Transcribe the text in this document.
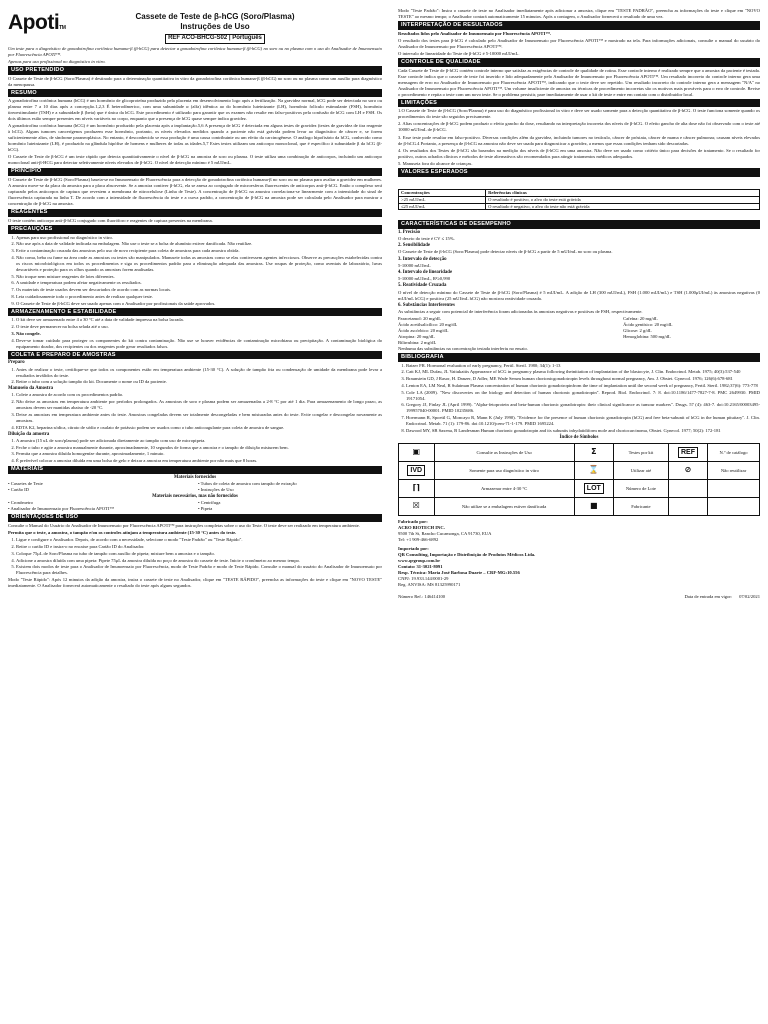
ApotiTM
Cassete de Teste de β-hCG (Soro/Plasma)
Instruções de Uso
REF ACO-BHCG-S02 | Português

Um teste para o diagnóstico de gonadotrofina coriônica humana-β (β-hCG) para detectar a gonadotrofina coriônica humana-β (β-hCG) no soro ou no plasma com o uso do Analisador de Imunoensaio por Fluorescência APOTI™.

Apenas para uso profissional no diagnóstico in vitro.

USO PRETENDIDO

O Cassete de Teste de β-hCG (Soro/Plasma) é destinado para a determinação quantitativa in vitro da gonadotrofina coriônica humana-β (β-hCG) no soro ou no plasma como um auxílio para diagnóstico da menopausa.

RESUMO

A gonadotrofina coriônica humana (hCG) é um hormônio de glicoproteína produzido pela placenta em desenvolvimento logo após a fertilização. Na gravidez normal, hCG pode ser detectada no soro ou plasma entre 7 a 10 dias após a concepção.1,2,3 É heterodímerico, com uma subunidade α (alfa) idêntica ao do hormônio luteinizante (LH), hormônio folículo estimulante (FSH), hormônio tireoestimulante (TSH) e a subunidade β (beta) que é única da hCG. Este procedimento é utilizado para garantir que os exames não resulte em falso-positivos pela confusão de hCG com LH e FSH. Os dois últimos estão sempre presentes em níveis variáveis no corpo, enquanto que a presença de hCG quase sempre indica gravidez.

A gonadotrofina coriônica humana (hCG) é um hormônio produzido pela placenta após a implantação.5,6 A presença de hCG é detectada em alguns testes de gravidez (testes de gravidez de tira reagente à hCG). Alguns tumores cancerígenos produzem esse hormônio, portanto, os níveis elevados medidos quando a paciente não está grávida podem levar ao diagnóstico de câncer e, se forem suficientemente altos, de síndrome paraneoplásica. No entanto, é desconhecido se essa produção é uma causa contribuinte ou um efeito da carcinogênese. O análogo hipofisário da hCG, conhecido como hormônio luteinizante (LH), é produzido na glândula hipófise de homens e mulheres de todas as idades.5,7 Estes testes utilizam um anticorpo monoclonal, que é específico à subunidade β da hCG (β-hCG).

O Cassete de Teste de β-hCG é um teste rápido que detecta quantitativamente o nível de β-hCG na amostra de soro ou plasma. O teste utiliza uma combinação de anticorpos, incluindo um anticorpo monoclonal anti-β-HCG para detectar seletivamente níveis elevados de β-hCG. O nível de detecção mínimo é 5 mUI/mL.

PRINCÍPIO

O Cassete de Teste de β-hCG (Soro/Plasma) baseia-se no Imunoensaio de Fluorescência para a detecção de gonadotrofina coriônica humana-β no soro ou no plasma para avaliar a gravidez em mulheres. A amostra move-se da placa da amostra para a placa absorvente. Se a amostra contiver β-hCG, ela se anexa ao conjugado de microesferas fluorescentes de anticorpos anti-β-hCG. Então o complexo será capturado pelos anticorpos de captura que revestem a membrana de nitrocelulose (Linha de Teste). A concentração de β-hCG na amostra correlaciona-se linearmente com a intensidade do sinal de fluorescência capturada na linha T. De acordo com a intensidade de fluorescência do teste e a curva padrão, a concentração de β-hCG na amostra pode ser calculada pelo Analisador para mostrar a concentração de β-hCG na amostra.

REAGENTES

O teste contém anticorpo anti-β-hCG conjugado com fluoróforo e reagentes de captura presentes na membrana.

PRECAUÇÕES
1. Apenas para uso profissional no diagnóstico in vitro.
2. Não use após a data de validade indicada na embalagem. Não use o teste se a bolsa de alumínio estiver danificada. Não reutilize.
3. Evite a contaminação cruzada das amostras pelo uso de novo recipiente para coleta de amostras para cada amostra obtida.
4. Não coma, beba ou fume na área onde as amostras ou testes são manipulados. Manuseie todas as amostras como se elas contivessem agentes infecciosos. Observe as precauções estabelecidas contra os riscos microbiológicos em todos os procedimentos e siga os procedimentos padrão para a eliminação adequada das amostras. Use roupas de proteção, como aventais de laboratório, luvas descartáveis e proteção para os olhos quando as amostras forem analisadas.
5. Não troque nem misture reagentes de lotes diferentes.
6. A umidade e temperatura podem afetar negativamente os resultados.
7. Os materiais de teste usados devem ser descartados de acordo com as normas locais.
8. Leia cuidadosamente todo o procedimento antes de realizar qualquer teste.
9. O Cassete de Teste de β-hCG deve ser usado apenas com o Analisador por profissionais da saúde aprovados.
ARMAZENAMENTO E ESTABILIDADE
1. O kit deve ser armazenado entre 4 a 30 °C até a data de validade impressa na bolsa lacrada.
2. O teste deve permanecer na bolsa selada até o uso.
3. Não congele.
4. Deve-se tomar cuidado para proteger os componentes do kit contra contaminação. Não use se houver evidências de contaminação microbiana ou precipitação. A contaminação biológica do equipamento doador, dos recipientes ou dos reagentes pode gerar resultados falsos.
COLETA E PREPARO DE AMOSTRAS
Preparo
1. Antes de realizar o teste, certifique-se que todos os componentes estão em temperatura ambiente (15-30 °C). A solução de tampão fria ou condensação de umidade da membrana pode levar a resultados inválidos do teste.
2. Retire o tubo com a solução tampão do kit. Documente o nome ou ID da paciente.
Manuseio da Amostra
1. Colete a amostra de acordo com os procedimentos padrão.
2. Não deixe as amostras em temperatura ambiente por períodos prolongados. As amostras de soro e plasma podem ser armazenadas a 2-8 °C por até 1 dia. Para armazenamento de longo prazo, as amostras devem ser mantidas abaixo de -20 °C.
3. Deixe as amostras em temperatura ambiente antes do teste. Amostras congeladas devem ser totalmente descongeladas e bem misturadas antes do teste. Evite congelar e descongelar novamente as amostras.
4. EDTA K2, heparina sódica, citrato de sódio e oxalato de potássio podem ser usados como o tubo anticoagulante para coleta de amostra de sangue.
Diluição da amostra
1. A amostra (15 uL de soro/plasma) pode ser adicionada diretamente ao tampão com uso de micropipeta.
2. Feche o tubo e agite a amostra manualmente durante, aproximadamente, 10 segundos de forma que a amostra e o tampão de diluição misturem bem.
3. Permita que a amostra diluída homogeníze durante, aproximadamente, 1 minuto.
4. É preferível colocar a amostra diluída em uma bolsa de gelo e deixar a amostra em temperatura ambiente por não mais que 8 horas.
MATERIAIS
Materiais fornecidos
• Cassetes de Teste	• Tubos de coleta de amostra com tampão de extração
• Cartão ID	• Instruções de Uso
Materiais necessários, mas não fornecidos
• Cronômetro	• Centrífuga
• Analisador de Imunoensaio por Fluorescência APOTI™	• Pipeta
ORIENTAÇÕES DE USO

Consulte o Manual do Usuário do Analisador de Imunoensaio por Fluorescência APOTI™ para instruções completas sobre o uso do Teste. O teste deve ser realizado em temperatura ambiente.

Permita que o teste, a amostra, o tampão e/ou os controles atinjam a temperatura ambiente (15-30 °C) antes do teste.

1. Ligue e configure o Analisador. Depois, de acordo com a necessidade, selecione o modo "Teste Padrão" ou "Teste Rápido".
2. Retire o cartão ID e insira-o no encaixe para Cartão ID do Analisador.
3. Coloque 75μL de Soro/Plasma no tubo de tampão com auxílio de pipeta; misture bem a amostra e o tampão.
4. Adicione a amostra diluída com uma pipeta: Pipete 75μL da amostra diluída no poço de amostra do cassete de teste. Inicie o cronômetro ao mesmo tempo.
5. Existem dois modos de teste para o Analisador de Imunoensaio por Fluorescência, modo de Teste Padrão e modo de Teste Rápido. Consulte o manual do usuário do Analisador de Imunoensaio por Fluorescência para detalhes.

Modo "Teste Rápido": Após 12 minutos da adição da amostra, insira o cassete de teste no Analisador, clique em "TESTE RÁPIDO", preencha as informações do teste e clique em "NOVO TESTE" imediatamente. O Analisador fornecerá automaticamente o resultado do teste após alguns segundos.

Modo "Teste Padrão": Insira o cassete de teste no Analisador imediatamente após adicionar a amostra, clique em "TESTE PADRÃO", preencha as informações do teste e clique em "NOVO TESTE" ao mesmo tempo; o Analisador contará automaticamente 15 minutos. Após a contagem, o Analisador fornecerá o resultado de uma vez.

INTERPRETAÇÃO DE RESULTADOS

Resultados lidos pelo Analisador de Imunoensaio por Fluorescência APOTI™.

O resultado dos testes para β-hCG é calculado pelo Analisador de Imunoensaio por Fluorescência APOTI™ e mostrado na tela. Para informações adicionais, consulte o manual do usuário do Analisador de Imunoensaio por Fluorescência APOTI™.

O intervalo de linearidade do Teste de β-hCG é 5-10000 mUI/mL.

CONTROLE DE QUALIDADE

Cada Cassete de Teste de β-hCG contém controle interno que satisfaz as exigências de controle de qualidade de rotina. Esse controle interno é realizado sempre que a amostra da paciente é testada. Esse controle indica que o cassete de teste foi inserido e lido adequadamente pelo Analisador de Imunoensaio por Fluorescência APOTI™. Um resultado incorreto do controle interno gera uma mensagem de erro no Analisador de Imunoensaio por Fluorescência APOTI™, indicando que o teste deve ser repetido. Um resultado incorreto do controle interno gera a mensagem "N/A" no Analisador de Imunoensaio por Fluorescência APOTI™. Um volume insuficiente de amostra ou técnicas de procedimento incorretas são os motivos mais prováveis para o erro de controle. Revise o procedimento e repita o teste com um novo teste. Se o problema persistir, pare imediatamente de usar o kit de teste e entre em contato com o distribuidor local.

LIMITAÇÕES

1.O Cassete de Teste de β-hCG (Soro/Plasma) é para uso do diagnóstico profissional in vitro e deve ser usado somente para a detecção quantitativa de β-hCG. O teste funciona somente quando os procedimentos do teste são seguidos precisamente.

2. Altas concentrações de β-hCG podem produzir o efeito gancho da dose, resultando na interpretação incorreta dos níveis de β-hCG. O efeito gancho de alta dose não foi observado com o teste até 10000 mUI/mL de β-hCG.

3. Esse teste pode resultar em falso-positivo. Diversas condições além da gravidez, incluindo tumores no testículo, câncer de próstata, câncer de mama e câncer pulmonar, causam níveis elevados de β-hCG.4 Portanto, a presença de β-hCG na amostra não deve ser usada para diagnosticar a gravidez, a menos que essas condições tenham sido descartadas.

4. Os resultados dos Testes de β-hCG são baseados na medição dos níveis de β-hCG em uma amostra. Não deve ser usado como critério único para decisões de tratamento. Se o resultado for positivo, outros achados clínicos e métodos de teste alternativos são recomendados para atingir tratamentos médicos adequados.

5. Manuseia fora do alcance de crianças.

VALORES ESPERADOS
Concentrações	Referências clínicas
>25 mUI/mL	O resultado é positivo, o alvo do teste está grávida
≤25 mUI/mL	O resultado é negativo, o alvo do teste não está grávida
CARACTERÍSTICAS DE DESEMPENHO
1. Precisão

O desvio do teste é CV ≤ 15%.

2. Sensibilidade

O Cassete de Teste de β-hCG (Soro/Plasma) pode detectar níveis de β-hCG a partir de 5 mUI/mL no soro ou plasma.

3. Intervalo de detecção

5-10000 mUI/mL

4. Intervalo de linearidade

5-10000 mUI/mL, R²≥0,990

5. Reatividade Cruzada

O nível de detecção mínimo do Cassete de Teste de β-hCG (Soro/Plasma) é 5 mUI/mL. A adição de LH (300 mUI/mL), FSH (1.000 mUI/mL) e TSH (1.000μUI/mL) às amostras negativas (0 mUI/mL hCG) e positiva (25 mUI/mL hCG) não mostrou reatividade cruzada.

6. Substâncias Interferentes

As substâncias a seguir com potencial de interferência foram adicionadas às amostras negativas e positivas de FSH, respectivamente.

Paracetamol: 20 mg/dL	Cafeína: 20 mg/dL
Ácido acetilsalicílico: 20 mg/dL	Ácido gentísico: 20 mg/dL
Ácido ascórbico: 20 mg/dL	Glicose: 2 g/dL
Atropina: 20 mg/dL	Hemoglobina: 500 mg/dL
Bilirrubina: 2 mg/dL

Nenhuma das substâncias na concentração testada interferiu no ensaio.

BIBLIOGRAFIA
1. Batzer FR. Hormonal evaluation of early pregnancy, Fertil. Steril. 1980; 34(1): 1-13
2. Catt KJ, ML Dufau, JL Vaitukaitis Appearance of hCG in pregnancy plasma following theinitiation of implantation of the blastocyte, J. Clin. Endocrinol. Metab. 1975; 40(3):537-540
3. Braunstein GD, J Rasor, H. Danzer, D Adler, ME Wade Serum human chorionicgonadotropin levels throughout normal pregnancy, Am. J. Obstet. Gynecol. 1976; 126(6):678-681
4. Lenton EA, LM Neal, R Sulaiman Plasma concentration of human chorionic gonadotropinfrom the time of implantation until the second week of pregnancy, Fertil. Steril. 1982;37(6): 773-778
5. Cole LA (2009). "New discoveries on the biology and detection of human chorionic gonadotropin". Reprod. Biol. Endocrinol. 7: 8. doi:10.1186/1477-7827-7-8. PMC 2649930. PMID 19171054.
6. Gregory JJ, Finlay JL (April 1999). "Alpha-fetoprotein and beta-human chorionic gonadotropin: their clinical significance as tumour markers". Drugs. 57 (4): 463-7. doi:10.2165/00003495-199957040-00001. PMID 10235686.
7. Hoermann R, Spoettl G, Moncayo R, Mann K (July 1990). "Evidence for the presence of human chorionic gonadotropin (hCG) and free beta-subunit of hCG in the human pituitary". J. Clin. Endocrinol. Metab. 71 (1): 179-86. doi:10.1210/jcem-71-1-179. PMID 1695224.
8. Dawood MY, SB Saxena, B Landesman Human chorionic gonadotropin and its subunits inhydatidiform mole and choriocarcinoma, Obstet. Gynecol. 1977; 50(2): 172-181
Índice de Símbolos
▣	Consulte as Instruções de Uso	Σ	Testes por kit	REF	N.º de catálogo
IVD	Somente para uso diagnóstico in vitro	⌛	Utilizar até	⊘	Não reutilizar
⌈⌉	Armazenar entre 4-30 °C	LOT	Número de Lote		
☒	Não utilize se a embalagem estiver danificada	■	Fabricante		
Fabricado por:
ACRO BIOTECH INC.
9500 7th St, Rancho Cucamonga, CA 91730, EUA
Tel: +1 909-466-6892
Importado por:
QR Consulting, Importação e Distribuição de Produtos Médicos Ltda.
www.qrgroup.com.br
Contato: 31-3021-8091
Resp. Técnica: Maria José Barbosa Duarte – CRF-MG:10.556
CNPJ: 19.933.144/0001-29
Reg. ANVISA: MS 81325990171
Número Ref.: 146414100	Data de entrada em vigor: 07/02/2021
